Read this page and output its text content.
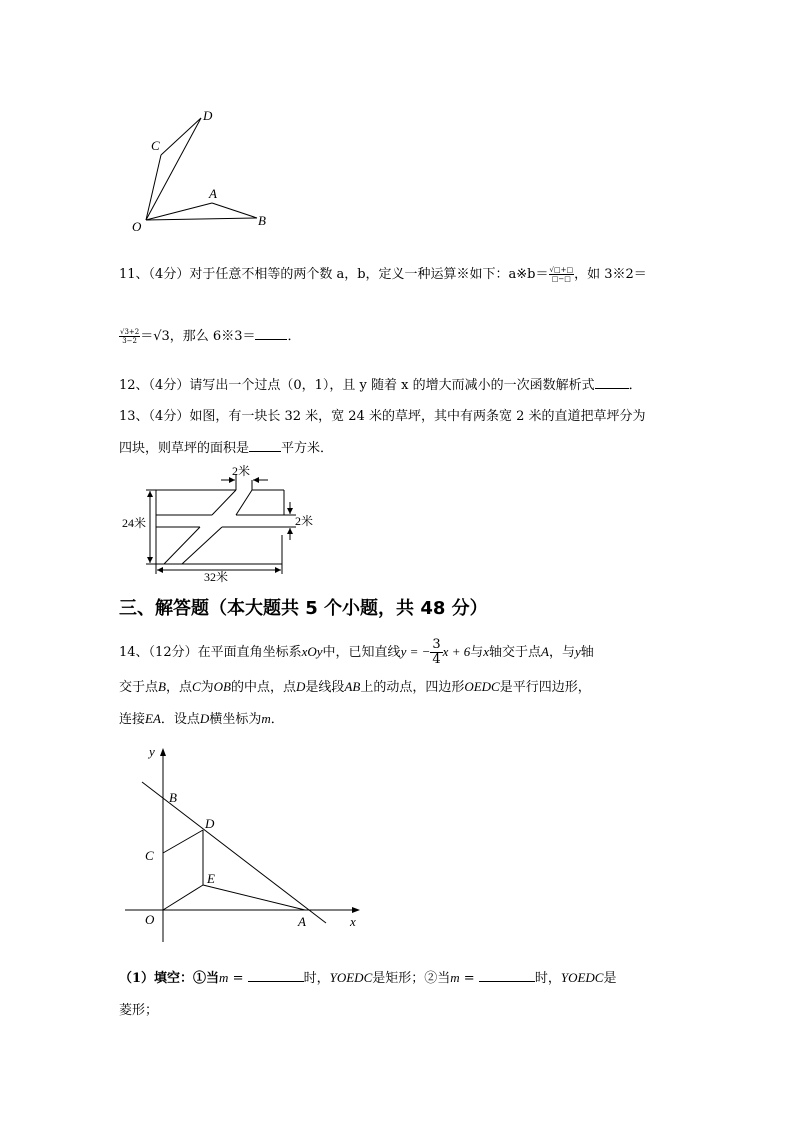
D
C
A
O	B
11、（4分）对于任意不相等的两个数 a，b，定义一种运算※如下：a※b＝ $\frac{√□+□}{□-□}$ ，如 3※2＝
$\frac{√3+2}{3-2} =√3$，那么 6※3＝ ．
12、（4分）请写出一个过点（0，1），且 y 随着 x 的增大而减小的一次函数解析式	．
13、（4分）如图，有一块长 32 米，宽 24 米的草坪，其中有两条宽 2 米的直道把草坪分为
四块，则草坪的面积是 平方米．
2米
2米
24米
32米
三、解答题（本大题共 5 个小题，共 48 分）
14、（12分）在平面直角坐标系xOy中，已知直线y = − $\frac{3}{4}$ x + 6与x轴交于点A，与y轴
交于点B，点C为OB的中点，点D是线段AB上的动点，四边形OEDC是平行四边形，
连接EA．设点D横坐标为m．
y
x
B
D
C
E
O	A
（1）填空：①当m =	时，YOEDC是矩形；②当m =	时，YOEDC是
菱形；
